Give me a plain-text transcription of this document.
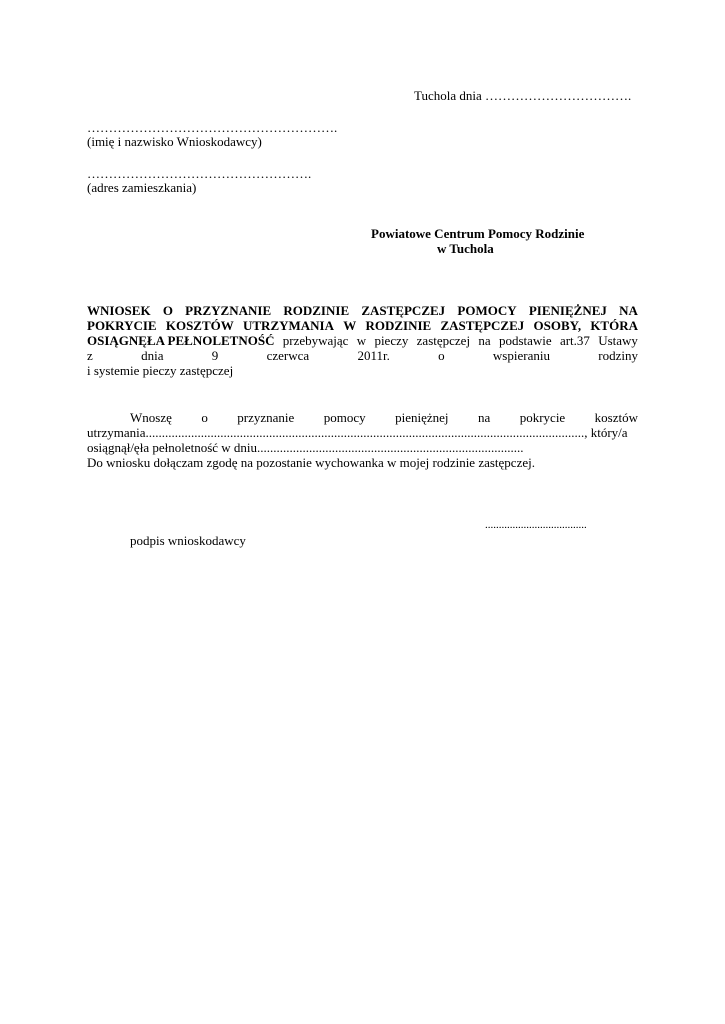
Tuchola dnia …………………………….
………………………………………………….
(imię i nazwisko Wnioskodawcy)
…………………………………………….
(adres zamieszkania)
Powiatowe Centrum Pomocy Rodzinie
w Tuchola
WNIOSEK O PRZYZNANIE RODZINIE ZASTĘPCZEJ POMOCY PIENIĘŻNEJ NA
POKRYCIE KOSZTÓW UTRZYMANIA W RODZINIE ZASTĘPCZEJ OSOBY, KTÓRA
OSIĄGNĘŁA PEŁNOLETNOŚĆ przebywając w pieczy zastępczej na podstawie art.37 Ustawy
z	dnia	9	czerwca	2011r.	o	wspieraniu	rodziny
i systemie pieczy zastępczej
Wnoszę o przyznanie pomocy pieniężnej na pokrycie kosztów
utrzymania......................................................................................................................................., który/a
osiągnął/ęła pełnoletność w dniu..................................................................................
Do wniosku dołączam zgodę na pozostanie wychowanka w mojej rodzinie zastępczej.
.....................................
podpis wnioskodawcy
